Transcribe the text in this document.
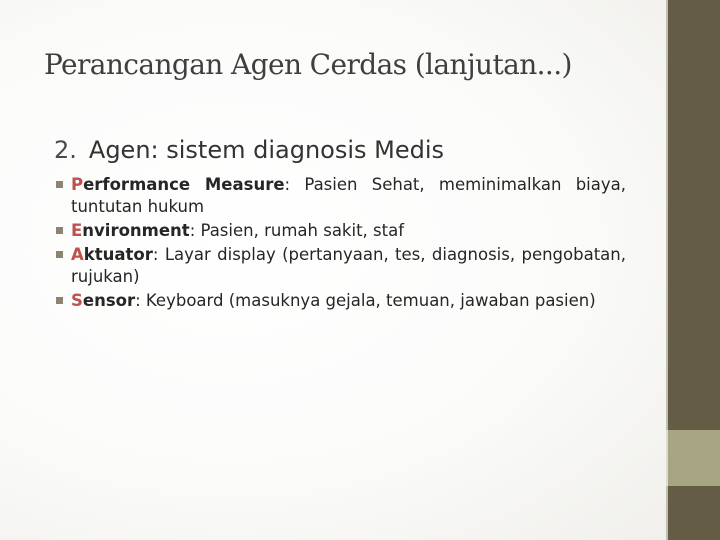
Perancangan Agen Cerdas (lanjutan...)
2. Agen: sistem diagnosis Medis
Performance Measure: Pasien Sehat, meminimalkan biaya, tuntutan hukum
Environment: Pasien, rumah sakit, staf
Aktuator: Layar display (pertanyaan, tes, diagnosis, pengobatan, rujukan)
Sensor: Keyboard (masuknya gejala, temuan, jawaban pasien)
